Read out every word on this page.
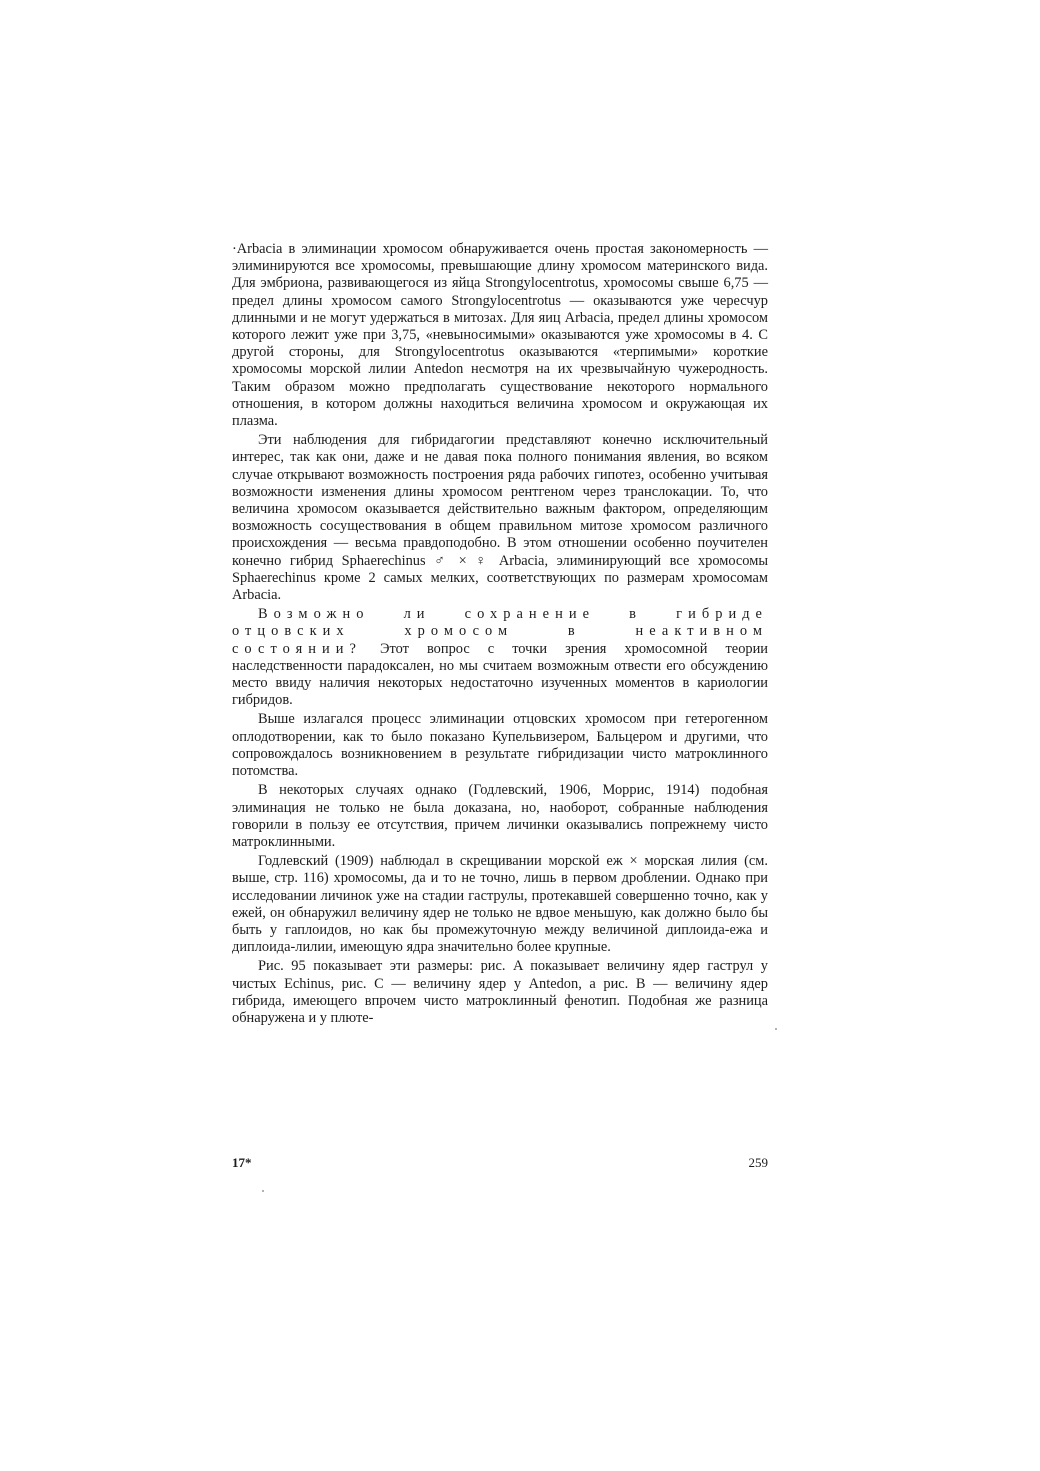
·Arbacia в элиминации хромосом обнаруживается очень простая закономерность — элиминируются все хромосомы, превышающие длину хромосом материнского вида. Для эмбриона, развивающегося из яйца Strongylocentrotus, хромосомы свыше 6,75 — предел длины хромосом самого Strongylocentrotus — оказываются уже чересчур длинными и не могут удержаться в митозах. Для яиц Arbacia, предел длины хромосом которого лежит уже при 3,75, «невыносимыми» оказываются уже хромосомы в 4. С другой стороны, для Strongylocentrotus оказываются «терпимыми» короткие хромосомы морской лилии Antedon несмотря на их чрезвычайную чужеродность. Таким образом можно предполагать существование некоторого нормального отношения, в котором должны находиться величина хромосом и окружающая их плазма.

Эти наблюдения для гибридагогии представляют конечно исключительный интерес, так как они, даже и не давая пока полного понимания явления, во всяком случае открывают возможность построения ряда рабочих гипотез, особенно учитывая возможности изменения длины хромосом рентгеном через транслокации. То, что величина хромосом оказывается действительно важным фактором, определяющим возможность сосуществования в общем правильном митозе хромосом различного происхождения — весьма правдоподобно. В этом отношении особенно поучителен конечно гибрид Sphaerechinus ♂ × ♀ Arbacia, элиминирующий все хромосомы Sphaerechinus кроме 2 самых мелких, соответствующих по размерам хромосомам Arbacia.

Возможно ли сохранение в гибриде отцовских хромосом в неактивном состоянии? Этот вопрос с точки зрения хромосомной теории наследственности парадоксален, но мы считаем возможным отвести его обсуждению место ввиду наличия некоторых недостаточно изученных моментов в кариологии гибридов.

Выше излагался процесс элиминации отцовских хромосом при гетерогенном оплодотворении, как то было показано Купельвизером, Бальцером и другими, что сопровождалось возникновением в результате гибридизации чисто матроклинного потомства.

В некоторых случаях однако (Годлевский, 1906, Моррис, 1914) подобная элиминация не только не была доказана, но, наоборот, собранные наблюдения говорили в пользу ее отсутствия, причем личинки оказывались попрежнему чисто матроклинными.

Годлевский (1909) наблюдал в скрещивании морской еж × морская лилия (см. выше, стр. 116) хромосомы, да и то не точно, лишь в первом дроблении. Однако при исследовании личинок уже на стадии гаструлы, протекавшей совершенно точно, как у ежей, он обнаружил величину ядер не только не вдвое меньшую, как должно было бы быть у гаплоидов, но как бы промежуточную между величиной диплоида-ежа и диплоида-лилии, имеющую ядра значительно более крупные.

Рис. 95 показывает эти размеры: рис. A показывает величину ядер гаструл у чистых Echinus, рис. C — величину ядер у Antedon, а рис. B — величину ядер гибрида, имеющего впрочем чисто матроклинный фенотип. Подобная же разница обнаружена и у плюте-

17*	259
